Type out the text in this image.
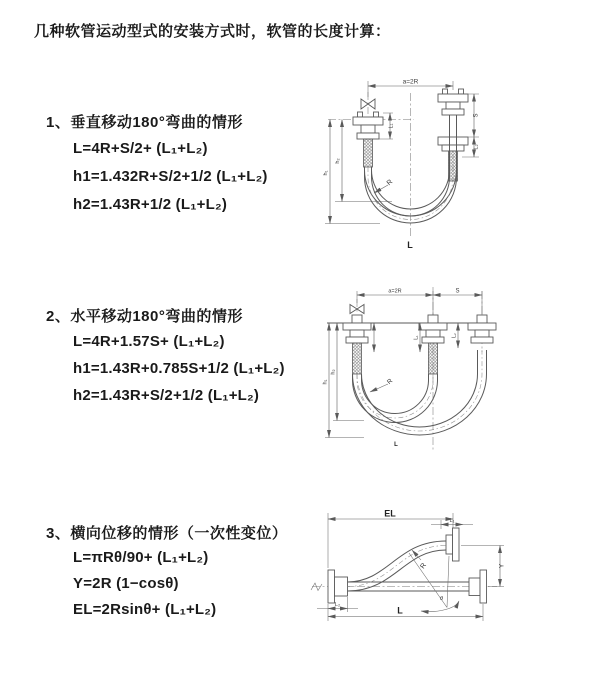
几种软管运动型式的安装方式时，软管的长度计算：
1、垂直移动180°弯曲的情形
L=4R+S/2+ (L₁+L₂)
h1=1.432R+S/2+1/2 (L₁+L₂)
h2=1.43R+1/2 (L₁+L₂)
2、水平移动180°弯曲的情形
L=4R+1.57S+ (L₁+L₂)
h1=1.43R+0.785S+1/2 (L₁+L₂)
h2=1.43R+S/2+1/2 (L₁+L₂)
3、横向位移的情形（一次性变位）
L=πRθ/90+ (L₁+L₂)
Y=2R (1−cosθ)
EL=2Rsinθ+ (L₁+L₂)
a=2R
L₁
S
L₂
h₂
h₁
R
L
a=2R	S
L₁	L₂
h₂
h₁	R
L
EL
L₁
θ
R	Y
L₂
L
